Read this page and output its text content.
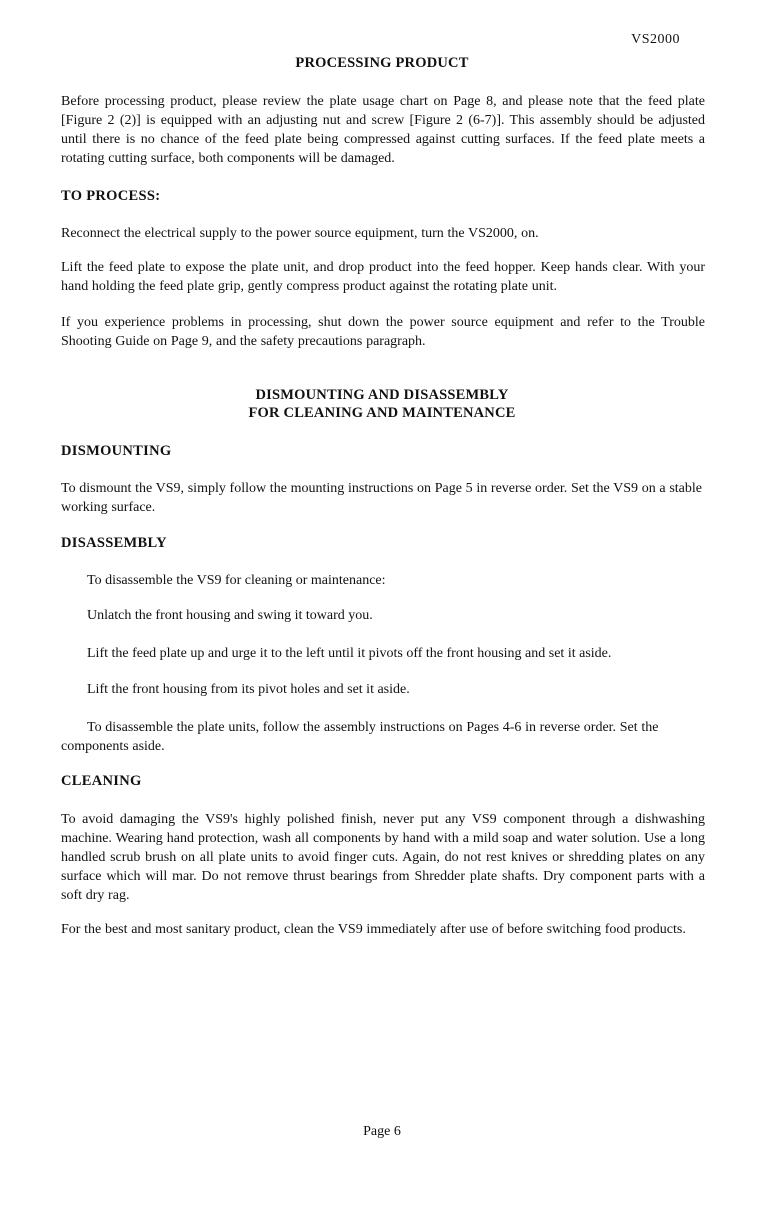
VS2000
PROCESSING PRODUCT
Before processing product, please review the plate usage chart on Page 8, and please note that the feed plate [Figure 2 (2)] is equipped with an adjusting nut and screw [Figure 2 (6-7)]. This assembly should be adjusted until there is no chance of the feed plate being compressed against cutting surfaces. If the feed plate meets a rotating cutting surface, both components will be damaged.
TO PROCESS:
Reconnect the electrical supply to the power source equipment, turn the VS2000, on.
Lift the feed plate to expose the plate unit, and drop product into the feed hopper. Keep hands clear. With your hand holding the feed plate grip, gently compress product against the rotating plate unit.
If you experience problems in processing, shut down the power source equipment and refer to the Trouble Shooting Guide on Page 9, and the safety precautions paragraph.
DISMOUNTING AND DISASSEMBLY
FOR CLEANING AND MAINTENANCE
DISMOUNTING
To dismount the VS9, simply follow the mounting instructions on Page 5 in reverse order. Set the VS9 on a stable working surface.
DISASSEMBLY
To disassemble the VS9 for cleaning or maintenance:
Unlatch the front housing and swing it toward you.
Lift the feed plate up and urge it to the left until it pivots off the front housing and set it aside.
Lift the front housing from its pivot holes and set it aside.
To disassemble the plate units, follow the assembly instructions on Pages 4-6 in reverse order. Set the components aside.
CLEANING
To avoid damaging the VS9's highly polished finish, never put any VS9 component through a dishwashing machine. Wearing hand protection, wash all components by hand with a mild soap and water solution. Use a long handled scrub brush on all plate units to avoid finger cuts. Again, do not rest knives or shredding plates on any surface which will mar. Do not remove thrust bearings from Shredder plate shafts. Dry component parts with a soft dry rag.
For the best and most sanitary product, clean the VS9 immediately after use of before switching food products.
Page 6
